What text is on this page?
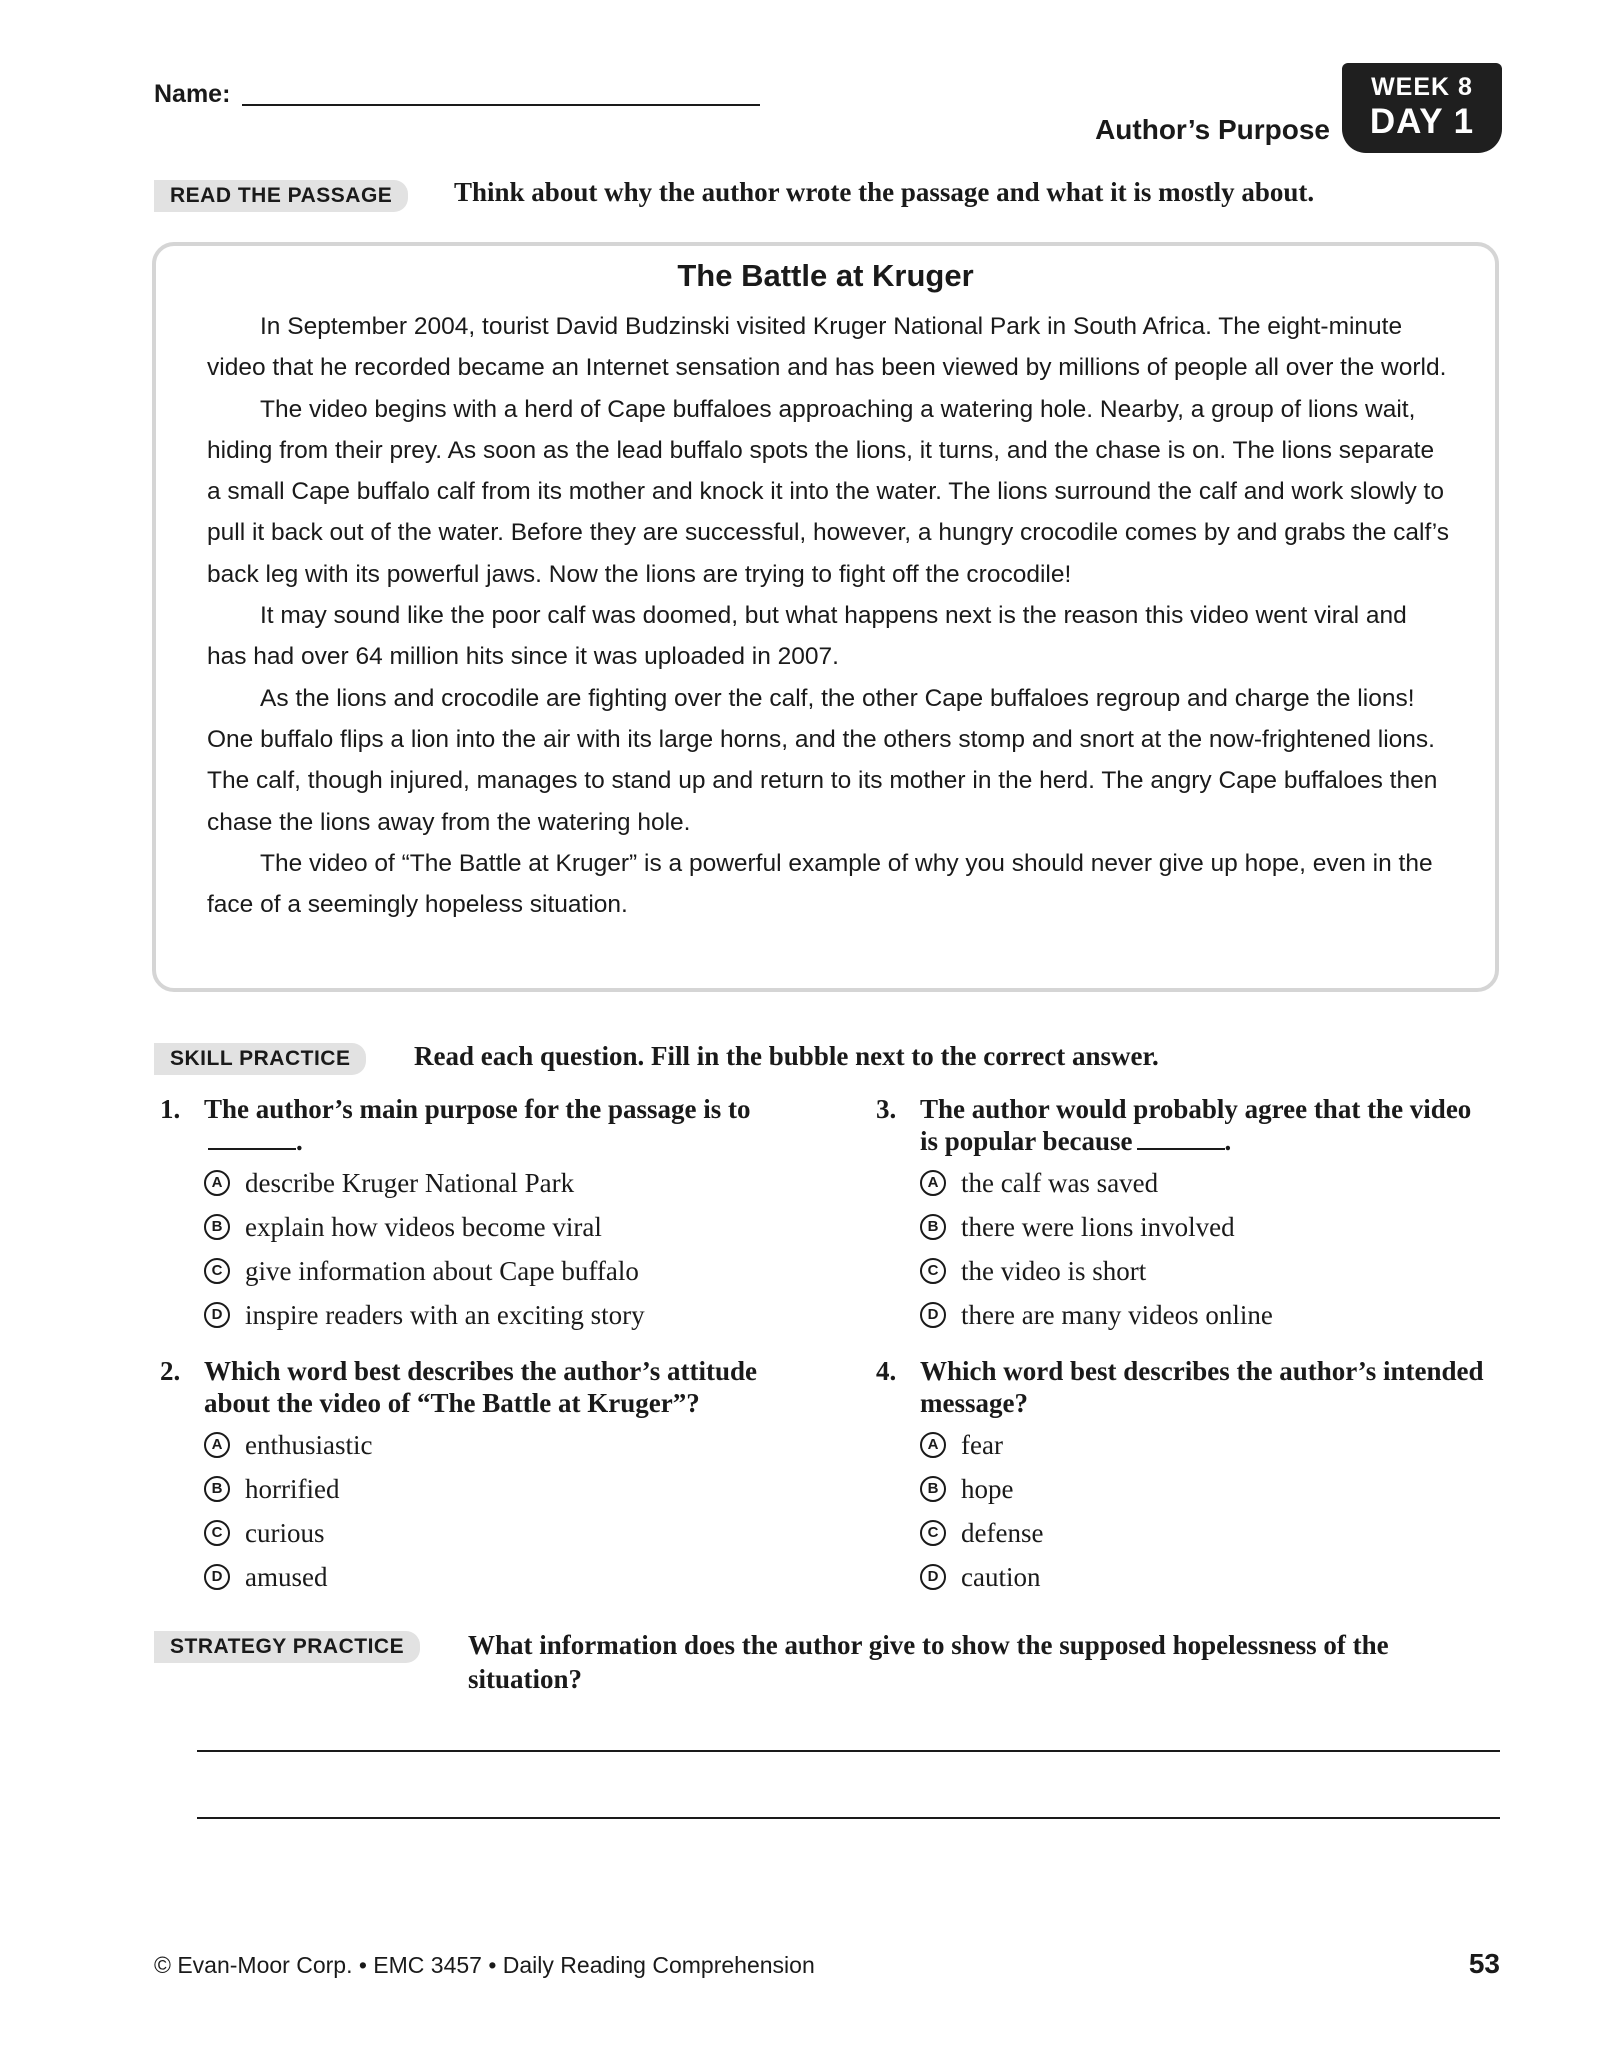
Name:
Author’s Purpose
WEEK 8
DAY 1
READ THE PASSAGE	Think about why the author wrote the passage and what it is mostly about.
The Battle at Kruger

In September 2004, tourist David Budzinski visited Kruger National Park in South Africa. The eight-minute video that he recorded became an Internet sensation and has been viewed by millions of people all over the world.

The video begins with a herd of Cape buffaloes approaching a watering hole. Nearby, a group of lions wait, hiding from their prey. As soon as the lead buffalo spots the lions, it turns, and the chase is on. The lions separate a small Cape buffalo calf from its mother and knock it into the water. The lions surround the calf and work slowly to pull it back out of the water. Before they are successful, however, a hungry crocodile comes by and grabs the calf’s back leg with its powerful jaws. Now the lions are trying to fight off the crocodile!

It may sound like the poor calf was doomed, but what happens next is the reason this video went viral and has had over 64 million hits since it was uploaded in 2007.

As the lions and crocodile are fighting over the calf, the other Cape buffaloes regroup and charge the lions! One buffalo flips a lion into the air with its large horns, and the others stomp and snort at the now-frightened lions. The calf, though injured, manages to stand up and return to its mother in the herd. The angry Cape buffaloes then chase the lions away from the watering hole.

The video of “The Battle at Kruger” is a powerful example of why you should never give up hope, even in the face of a seemingly hopeless situation.

SKILL PRACTICE	Read each question. Fill in the bubble next to the correct answer.
1. The author’s main purpose for the passage is to.
A describe Kruger National Park
B explain how videos become viral
C give information about Cape buffalo
D inspire readers with an exciting story
2. Which word best describes the author’s attitude about the video of “The Battle at Kruger”?
A enthusiastic
B horrified
C curious
D amused
3. The author would probably agree that the video is popular because	.
A the calf was saved
B there were lions involved
C the video is short
D there are many videos online
4. Which word best describes the author’s intended message?
A fear
B hope
C defense
D caution
STRATEGY PRACTICE	What information does the author give to show the supposed hopelessness of the situation?
© Evan-Moor Corp. • EMC 3457 • Daily Reading Comprehension	53
